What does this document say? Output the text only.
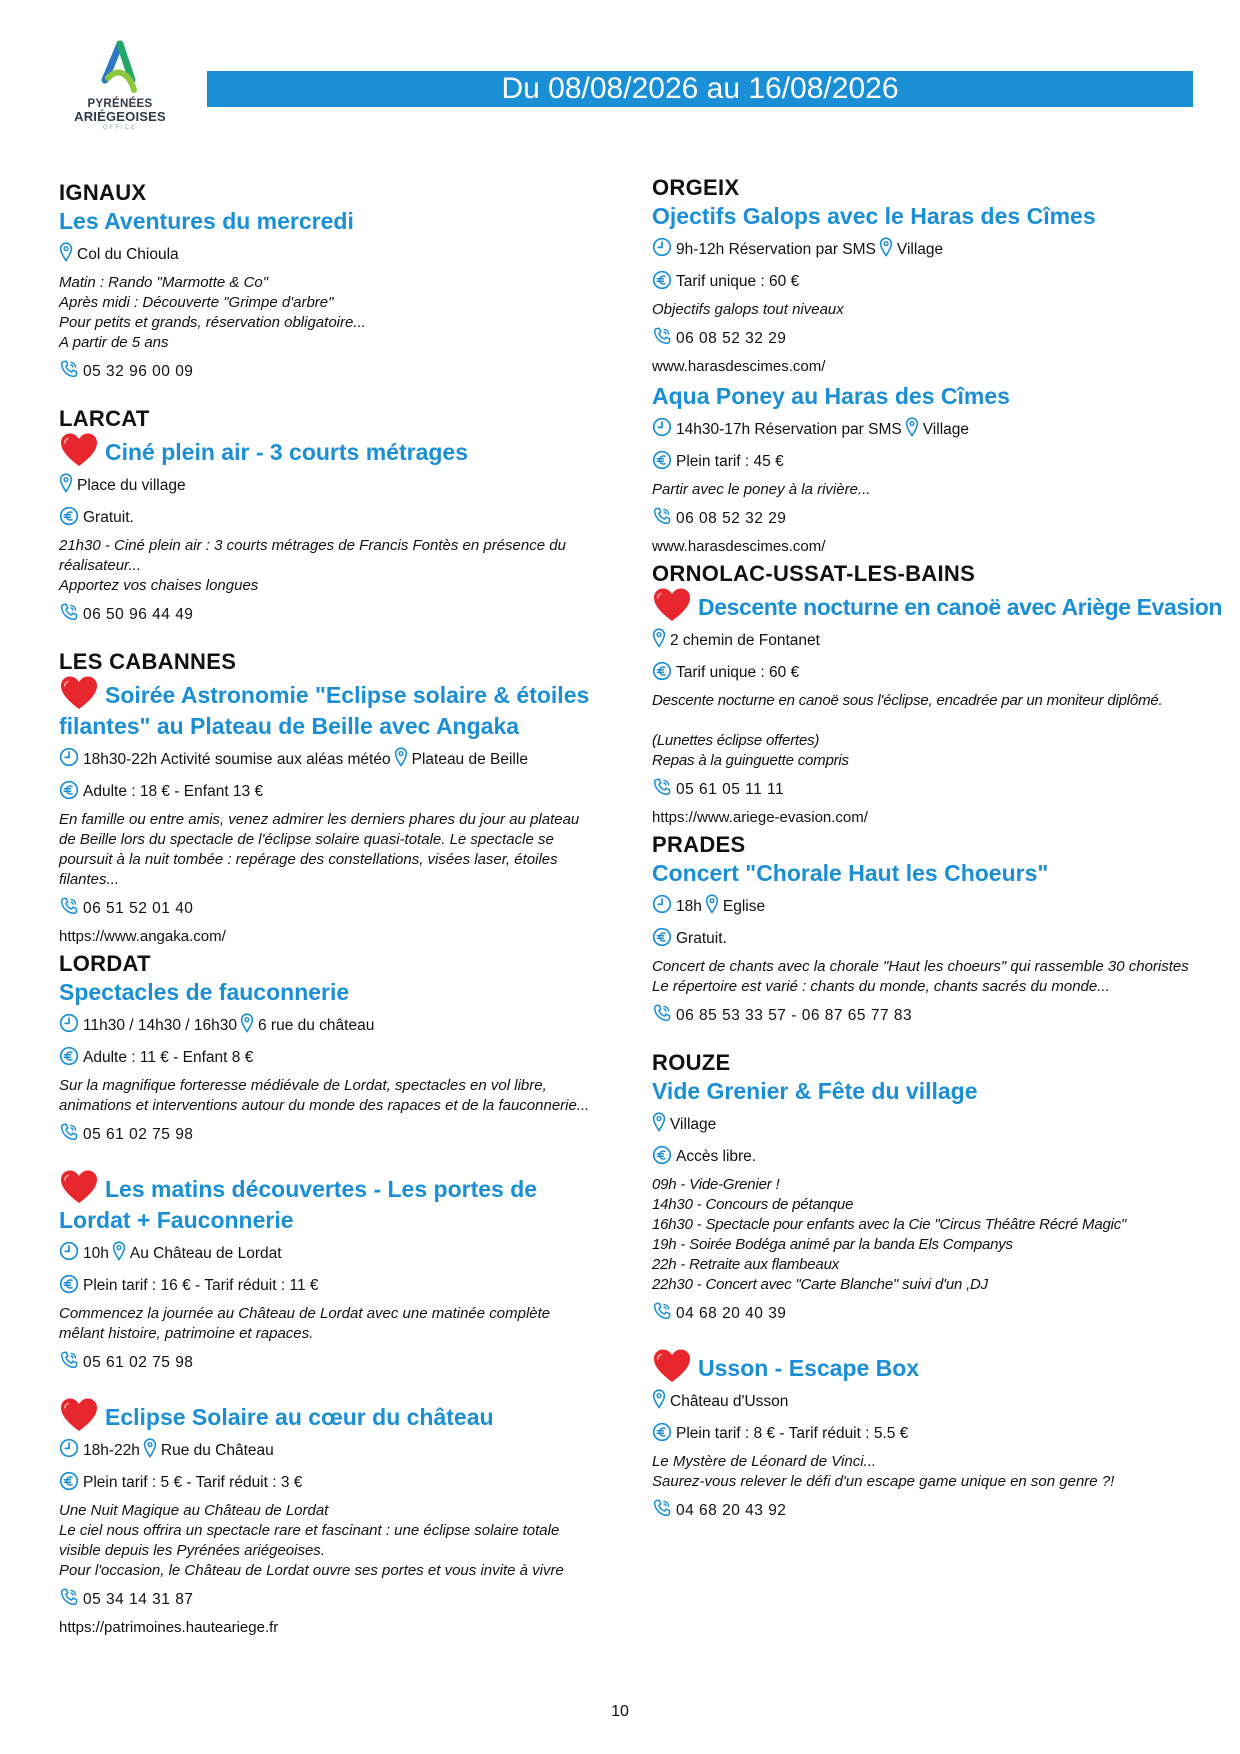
PYRÉNÉES
ARIÉGEOISES
OFFICE
Du 08/08/2026 au 16/08/2026
IGNAUX
Les Aventures du mercredi
Col du Chioula
Matin : Rando "Marmotte & Co"
Après midi : Découverte "Grimpe d'arbre"
Pour petits et grands, réservation obligatoire...
A partir de 5 ans
05 32 96 00 09
LARCAT
Ciné plein air - 3 courts métrages
Place du village
Gratuit.
21h30 - Ciné plein air : 3 courts métrages de Francis Fontès en présence du réalisateur...
Apportez vos chaises longues
06 50 96 44 49
LES CABANNES
Soirée Astronomie "Eclipse solaire & étoiles filantes" au Plateau de Beille avec Angaka
18h30-22h Activité soumise aux aléas météo Plateau de Beille
Adulte : 18 € - Enfant 13 €
En famille ou entre amis, venez admirer les derniers phares du jour au plateau de Beille lors du spectacle de l'éclipse solaire quasi-totale. Le spectacle se poursuit à la nuit tombée : repérage des constellations, visées laser, étoiles filantes...
06 51 52 01 40
https://www.angaka.com/
LORDAT
Spectacles de fauconnerie
11h30 / 14h30 / 16h30 6 rue du château
Adulte : 11 € - Enfant 8 €
Sur la magnifique forteresse médiévale de Lordat, spectacles en vol libre, animations et interventions autour du monde des rapaces et de la fauconnerie...
05 61 02 75 98
Les matins découvertes - Les portes de Lordat + Fauconnerie
10h Au Château de Lordat
Plein tarif : 16 € - Tarif réduit : 11 €
Commencez la journée au Château de Lordat avec une matinée complète mêlant histoire, patrimoine et rapaces.
05 61 02 75 98
Eclipse Solaire au cœur du château
18h-22h Rue du Château
Plein tarif : 5 € - Tarif réduit : 3 €
Une Nuit Magique au Château de Lordat
Le ciel nous offrira un spectacle rare et fascinant : une éclipse solaire totale visible depuis les Pyrénées ariégeoises.
Pour l'occasion, le Château de Lordat ouvre ses portes et vous invite à vivre
05 34 14 31 87
https://patrimoines.hauteariege.fr
ORGEIX
Ojectifs Galops avec le Haras des Cîmes
9h-12h Réservation par SMS Village
Tarif unique : 60 €
Objectifs galops tout niveaux
06 08 52 32 29
www.harasdescimes.com/
Aqua Poney au Haras des Cîmes
14h30-17h Réservation par SMS Village
Plein tarif : 45 €
Partir avec le poney à la rivière...
06 08 52 32 29
www.harasdescimes.com/
ORNOLAC-USSAT-LES-BAINS
Descente nocturne en canoë avec Ariège Evasion
2 chemin de Fontanet
Tarif unique : 60 €
Descente nocturne en canoë sous l'éclipse, encadrée par un moniteur diplômé.

(Lunettes éclipse offertes)
Repas à la guinguette compris
05 61 05 11 11
https://www.ariege-evasion.com/
PRADES
Concert "Chorale Haut les Choeurs"
18h Eglise
Gratuit.
Concert de chants avec la chorale "Haut les choeurs" qui rassemble 30 choristes
Le répertoire est varié : chants du monde, chants sacrés du monde...
06 85 53 33 57 - 06 87 65 77 83
ROUZE
Vide Grenier & Fête du village
Village
Accès libre.
09h - Vide-Grenier !
14h30 - Concours de pétanque
16h30 - Spectacle pour enfants avec la Cie "Circus Théâtre Récré Magic"
19h - Soirée Bodéga animé par la banda Els Companys
22h - Retraite aux flambeaux
22h30 - Concert avec "Carte Blanche" suivi d'un ,DJ
04 68 20 40 39
Usson - Escape Box
Château d'Usson
Plein tarif : 8 € - Tarif réduit : 5.5 €
Le Mystère de Léonard de Vinci...
Saurez-vous relever le défi d'un escape game unique en son genre ?!
04 68 20 43 92
10
